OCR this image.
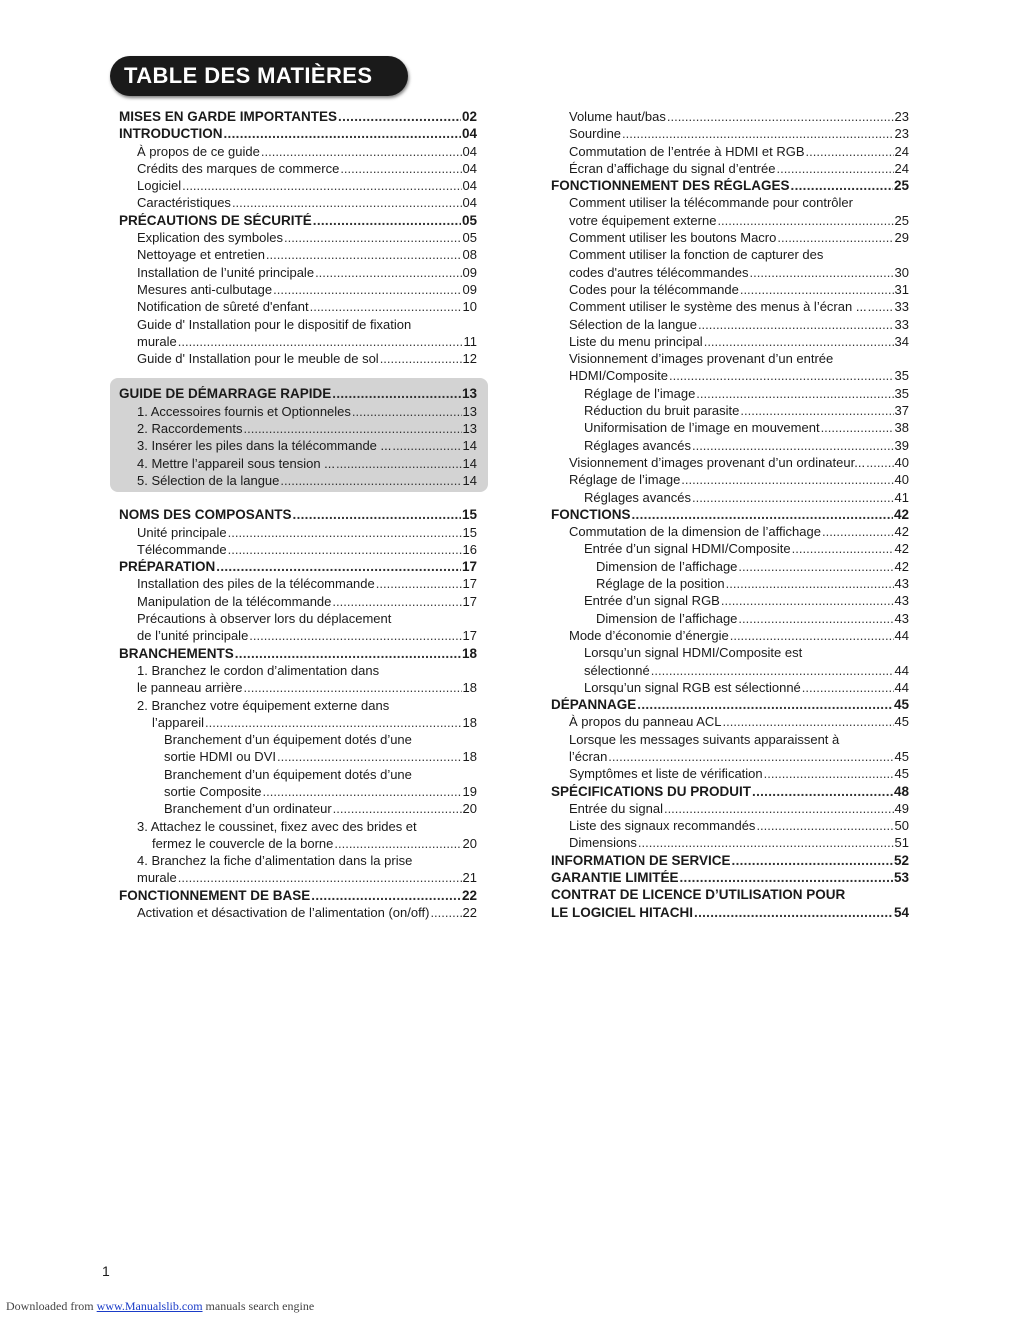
TABLE DES MATIÈRES
MISES EN GARDE IMPORTANTES .....	02
INTRODUCTION .....	04
À propos de ce guide .....	04
Crédits des marques de commerce .....	04
Logiciel .....	04
Caractéristiques .....	04
PRÉCAUTIONS DE SÉCURITÉ .....	05
Explication des symboles .....	05
Nettoyage et entretien .....	08
Installation de l’unité principale .....	09
Mesures anti-culbutage .....	09
Notification de sûreté d'enfant .....	10
Guide d' Installation pour le dispositif de fixation
murale .....	11
Guide d' Installation pour le meuble de sol .....	12
GUIDE DE DÉMARRAGE RAPIDE .....	13
1. Accessoires fournis et Optionneles .....	13
2. Raccordements .....	13
3. Insérer les piles dans la télécommande ... .....	14
4. Mettre l’appareil sous tension ... .....	14
5. Sélection de la langue .....	14
NOMS DES COMPOSANTS .....	15
Unité principale .....	15
Télécommande .....	16
PRÉPARATION .....	17
Installation des piles de la télécommande .....	17
Manipulation de la télécommande .....	17
Précautions à observer lors du déplacement
de l’unité principale .....	17
BRANCHEMENTS .....	18
1. Branchez le cordon d’alimentation dans
le panneau arrière .....	18
2. Branchez votre équipement externe dans
l’appareil .....	18
Branchement d’un équipement dotés d’une
sortie HDMI ou DVI .....	18
Branchement d’un équipement dotés d’une
sortie Composite .....	19
Branchement d’un ordinateur .....	20
3. Attachez le coussinet, fixez avec des brides et
fermez le couvercle de la borne .....	20
4. Branchez la fiche d’alimentation dans la prise
murale .....	21
FONCTIONNEMENT DE BASE .....	22
Activation et désactivation de l’alimentation (on/off) .....	22
Volume haut/bas .....	23
Sourdine .....	23
Commutation de l’entrée à HDMI et RGB .....	24
Écran d’affichage du signal d’entrée .....	24
FONCTIONNEMENT DES RÉGLAGES .....	25
Comment utiliser la télécommande pour contrôler
votre équipement externe .....	25
Comment utiliser les boutons Macro .....	29
Comment utiliser la fonction de capturer des
codes d'autres télécommandes .....	30
Codes pour la télécommande .....	31
Comment utiliser le système des menus à l’écran ... ..... 33
Sélection de la langue .....	33
Liste du menu principal .....	34
Visionnement d’images provenant d’un entrée
HDMI/Composite .....	35
Réglage de l’image .....	35
Réduction du bruit parasite .....	37
Uniformisation de l’image en mouvement .....	38
Réglages avancés .....	39
Visionnement d’images provenant d’un ordinateur... ..... 40
Réglage de l’image .....	40
Réglages avancés .....	41
FONCTIONS .....	42
Commutation de la dimension de l’affichage .....	42
Entrée d’un signal HDMI/Composite .....	42
Dimension de l’affichage .....	42
Réglage de la position .....	43
Entrée d’un signal RGB .....	43
Dimension de l’affichage .....	43
Mode d’économie d’énergie .....	44
Lorsqu’un signal HDMI/Composite est
sélectionné .....	44
Lorsqu’un signal RGB est sélectionné .....	44
DÉPANNAGE .....	45
À propos du panneau ACL .....	45
Lorsque les messages suivants apparaissent à
l’écran .....	45
Symptômes et liste de vérification .....	45
SPÉCIFICATIONS DU PRODUIT .....	48
Entrée du signal .....	49
Liste des signaux recommandés .....	50
Dimensions .....	51
INFORMATION DE SERVICE .....	52
GARANTIE LIMITÉE .....	53
CONTRAT DE LICENCE D’UTILISATION POUR
LE LOGICIEL HITACHI .....	54
1
Downloaded from www.Manualslib.com manuals search engine
